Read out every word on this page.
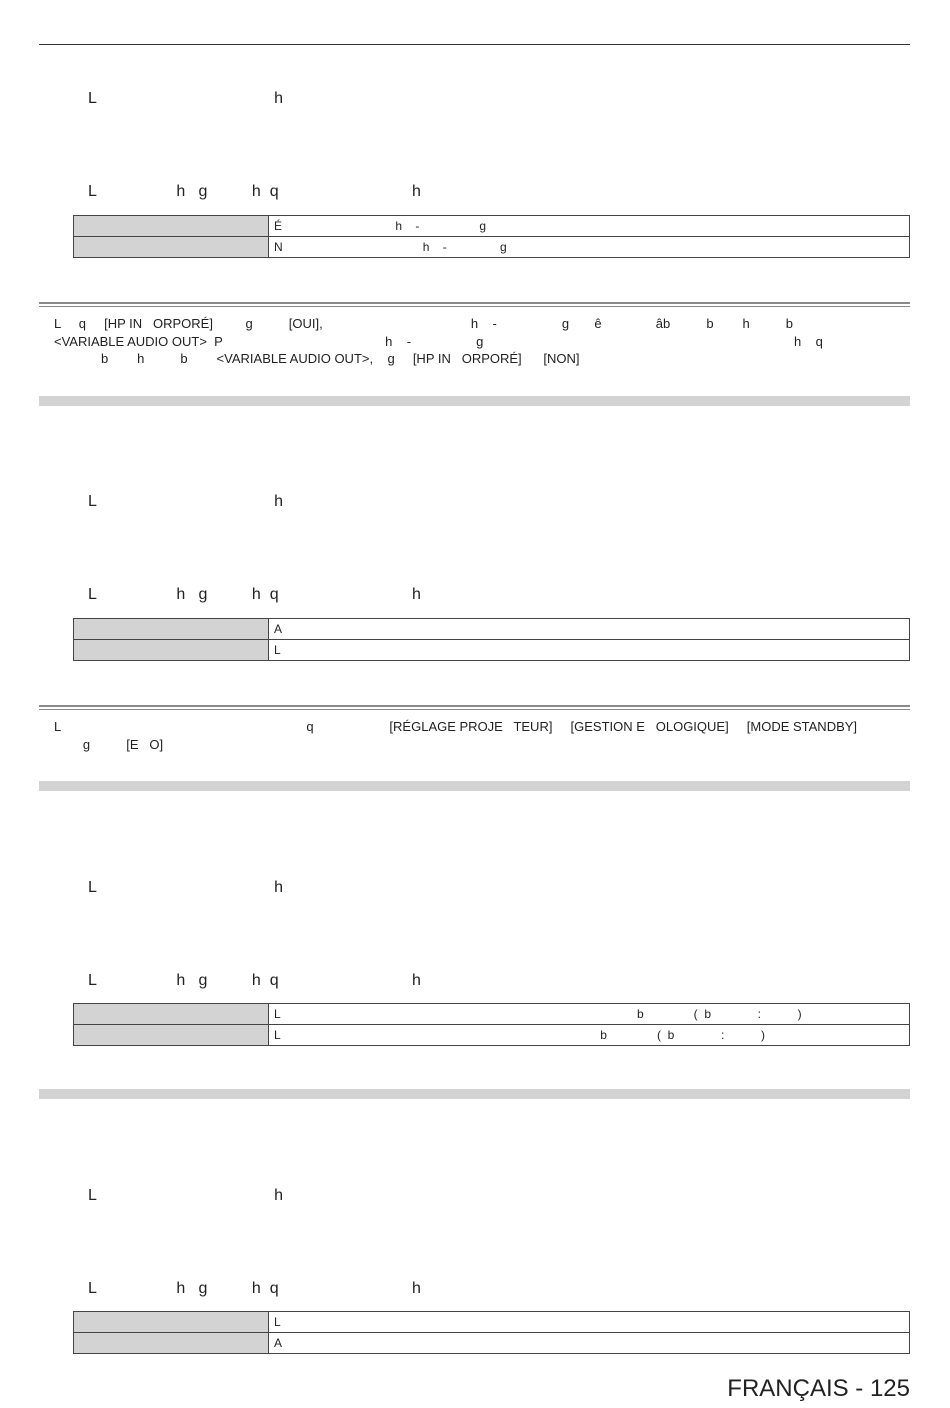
L                                        h
L                  h   g          h  q                              h
	É                                  h    -                  g
	N                                          h    -                g
L     q     [HP IN   ORPORÉ]         g          [OUI],                                         h    -                  g       ê               âb          b        h          b
<VARIABLE AUDIO OUT>  P                                             h    -                  g                                                                                      h    q
b        h          b        <VARIABLE AUDIO OUT>,    g     [HP IN   ORPORÉ]      [NON]
L                                        h
L                  h   g          h  q                              h
	A
	L
L                                                                    q                     [RÉGLAGE PROJE   TEUR]     [GESTION E   OLOGIQUE]     [MODE STANDBY]
g          [E   O]
L                                        h
L                  h   g          h  q                              h
	L                                                                                                           b               (  b              :           )
	L                                                                                                b               (  b              :           )
L                                        h
L                  h   g          h  q                              h
	L
	A
FRANÇAIS - 125
